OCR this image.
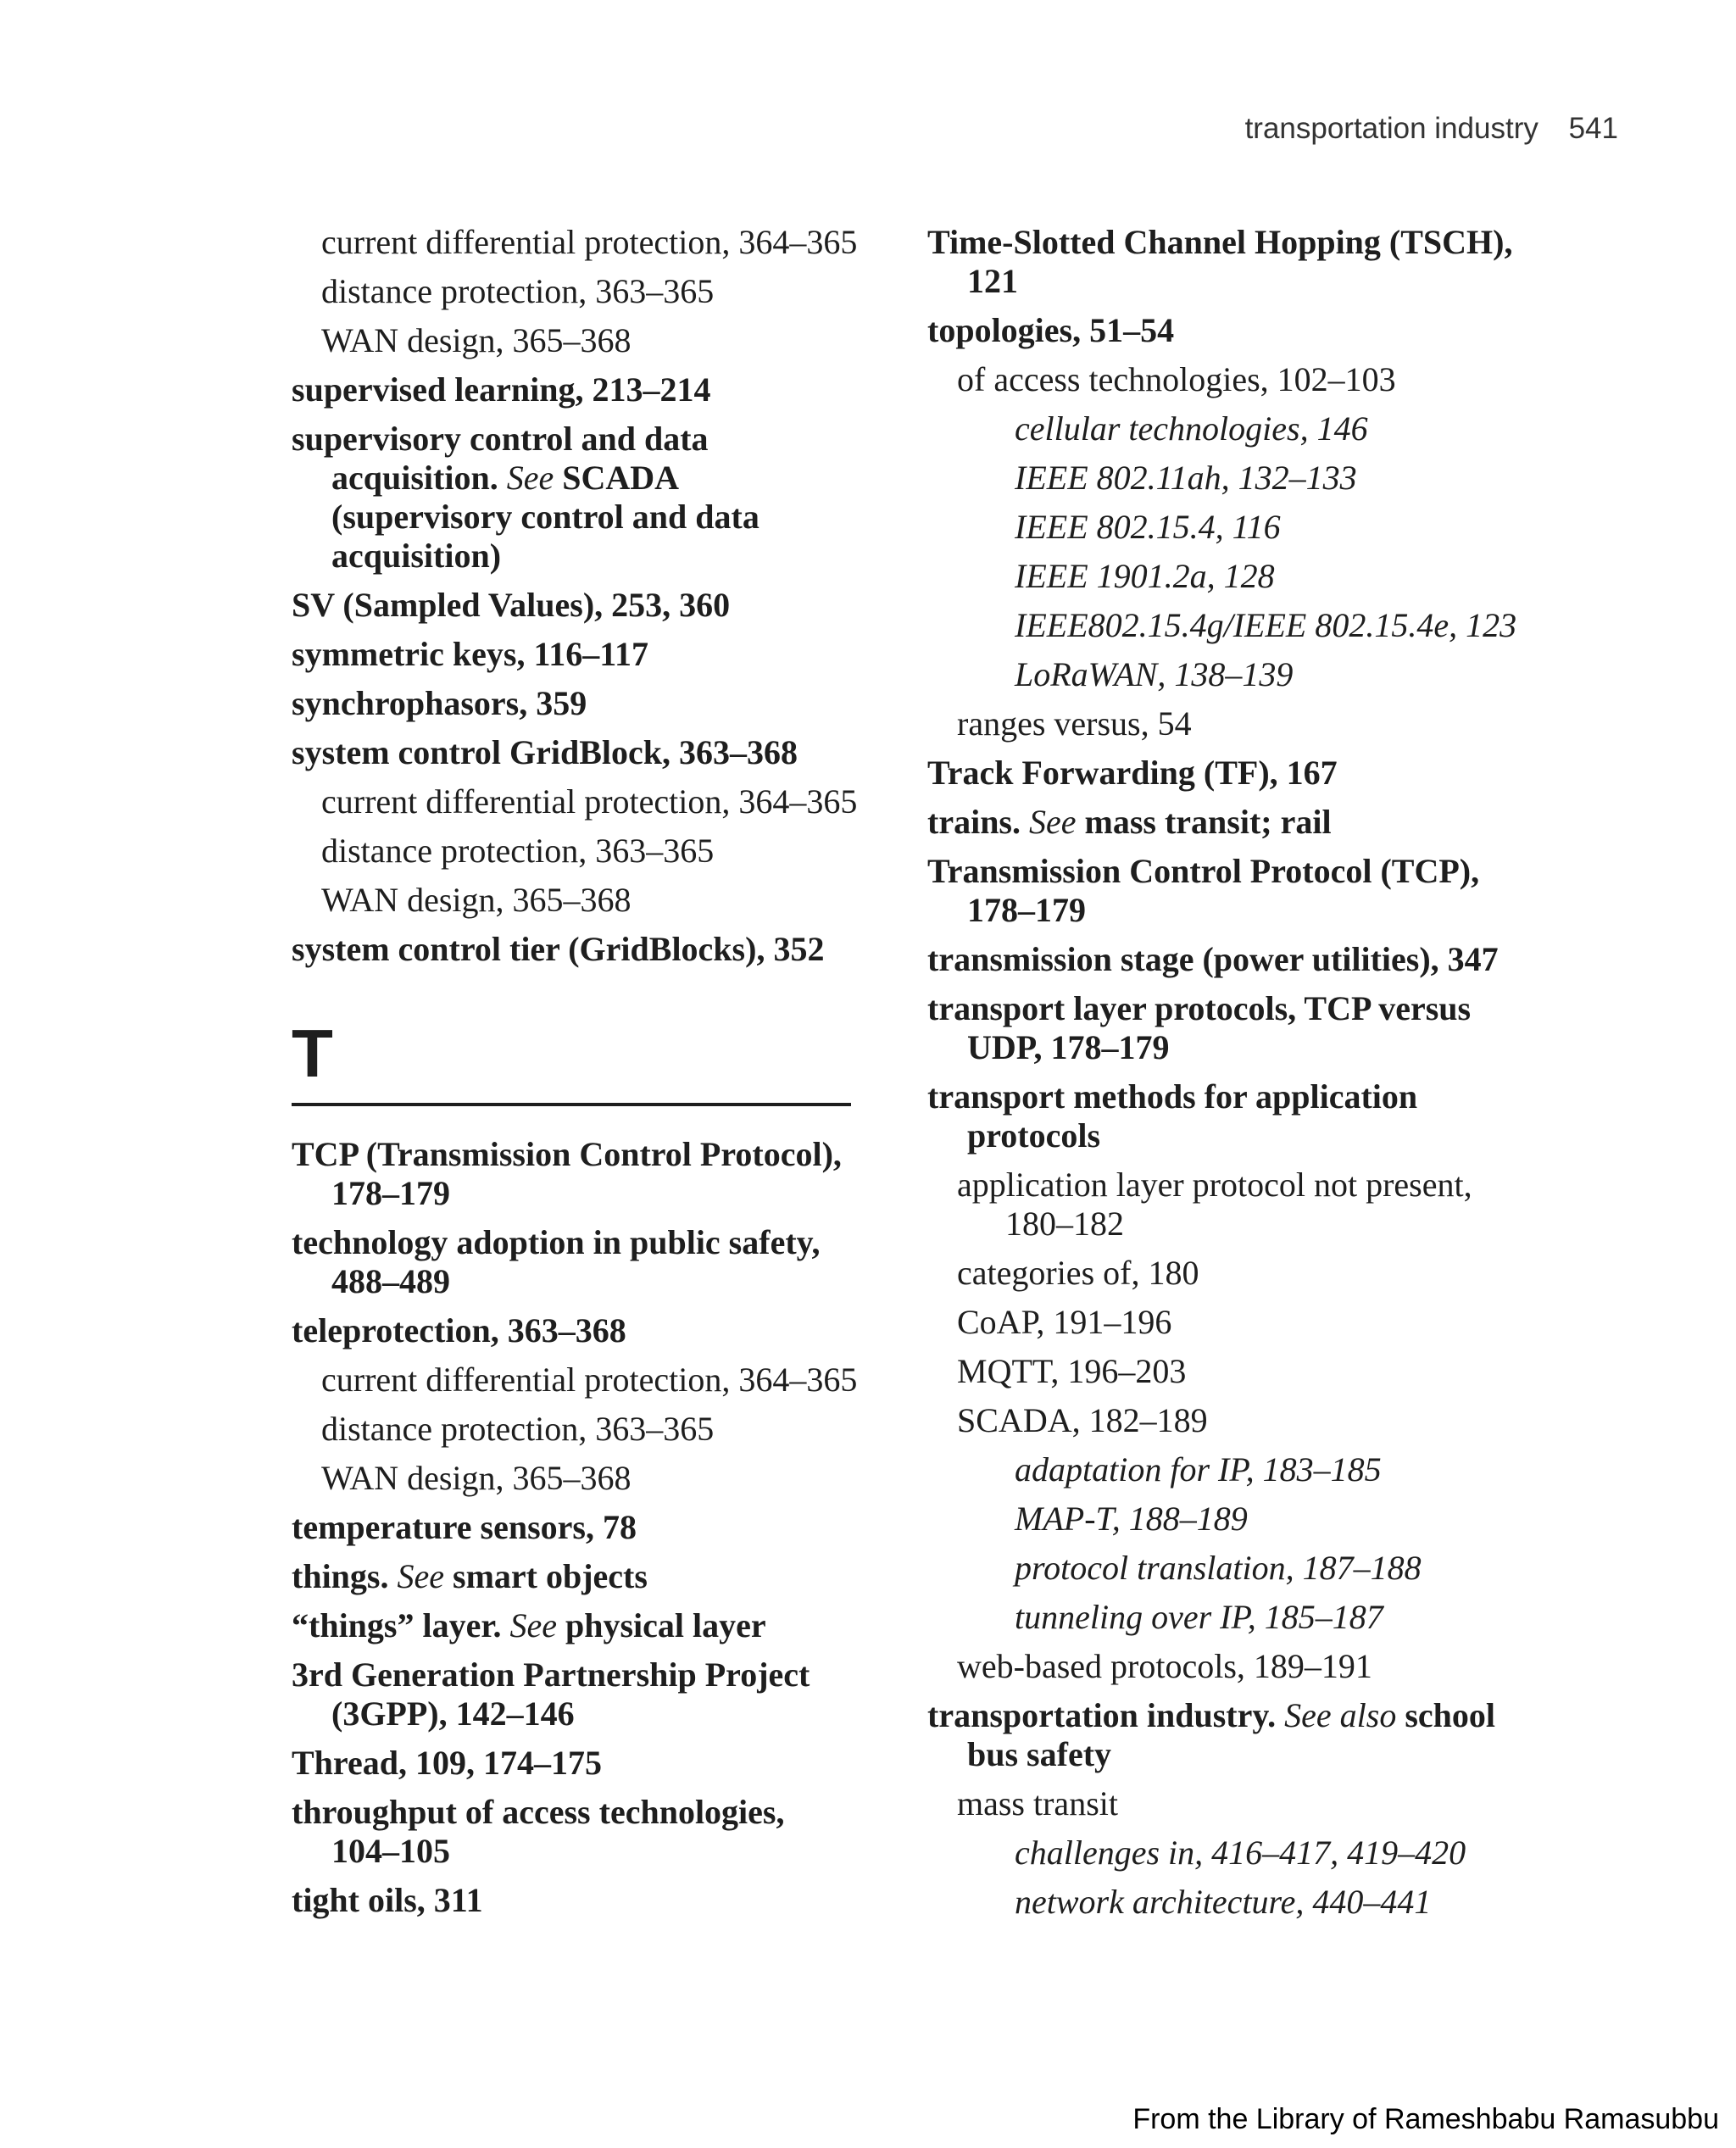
transportation industry 541
current differential protection, 364–365
distance protection, 363–365
WAN design, 365–368
supervised learning, 213–214
supervisory control and data acquisition. See SCADA (supervisory control and data acquisition)
SV (Sampled Values), 253, 360
symmetric keys, 116–117
synchrophasors, 359
system control GridBlock, 363–368
current differential protection, 364–365
distance protection, 363–365
WAN design, 365–368
system control tier (GridBlocks), 352
T
TCP (Transmission Control Protocol), 178–179
technology adoption in public safety, 488–489
teleprotection, 363–368
current differential protection, 364–365
distance protection, 363–365
WAN design, 365–368
temperature sensors, 78
things. See smart objects
“things” layer. See physical layer
3rd Generation Partnership Project (3GPP), 142–146
Thread, 109, 174–175
throughput of access technologies, 104–105
tight oils, 311
Time-Slotted Channel Hopping (TSCH), 121
topologies, 51–54
of access technologies, 102–103
cellular technologies, 146
IEEE 802.11ah, 132–133
IEEE 802.15.4, 116
IEEE 1901.2a, 128
IEEE802.15.4g/IEEE 802.15.4e, 123
LoRaWAN, 138–139
ranges versus, 54
Track Forwarding (TF), 167
trains. See mass transit; rail
Transmission Control Protocol (TCP), 178–179
transmission stage (power utilities), 347
transport layer protocols, TCP versus UDP, 178–179
transport methods for application protocols
application layer protocol not present, 180–182
categories of, 180
CoAP, 191–196
MQTT, 196–203
SCADA, 182–189
adaptation for IP, 183–185
MAP-T, 188–189
protocol translation, 187–188
tunneling over IP, 185–187
web-based protocols, 189–191
transportation industry. See also school bus safety
mass transit
challenges in, 416–417, 419–420
network architecture, 440–441
From the Library of Rameshbabu Ramasubbu
